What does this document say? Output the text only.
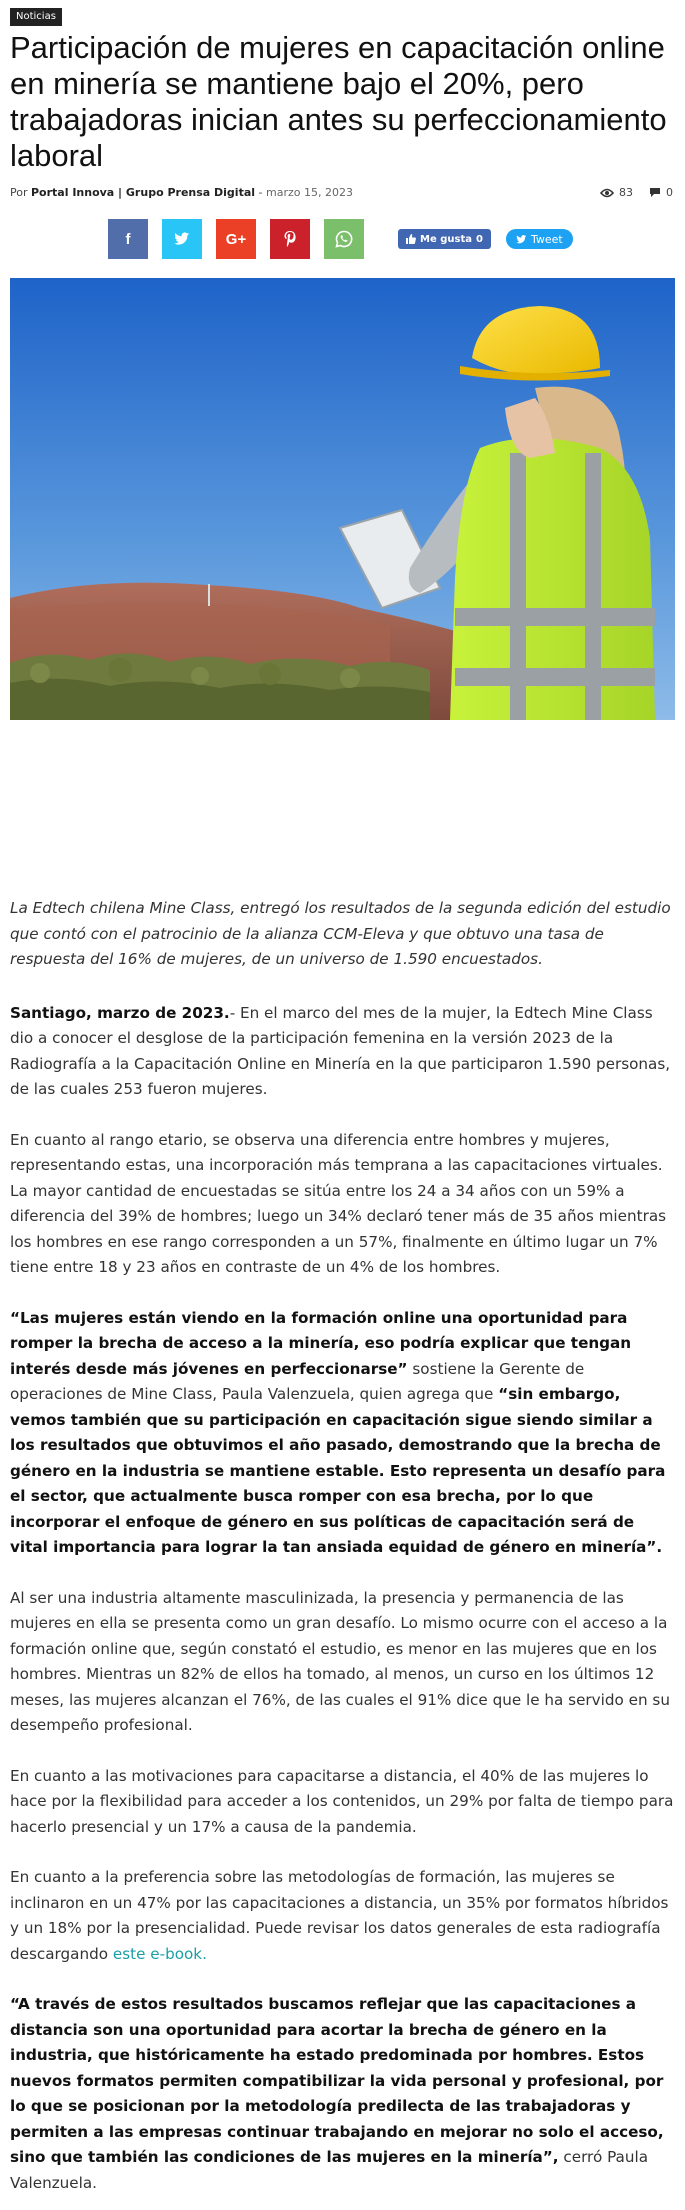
Noticias
Participación de mujeres en capacitación online en minería se mantiene bajo el 20%, pero trabajadoras inician antes su perfeccionamiento laboral
Por Portal Innova | Grupo Prensa Digital - marzo 15, 2023	83	0
f	G+	Me gusta 0	Tweet

La Edtech chilena Mine Class, entregó los resultados de la segunda edición del estudio que contó con el patrocinio de la alianza CCM-Eleva y que obtuvo una tasa de respuesta del 16% de mujeres, de un universo de 1.590 encuestados.

Santiago, marzo de 2023.- En el marco del mes de la mujer, la Edtech Mine Class dio a conocer el desglose de la participación femenina en la versión 2023 de la Radiografía a la Capacitación Online en Minería en la que participaron 1.590 personas, de las cuales 253 fueron mujeres.

En cuanto al rango etario, se observa una diferencia entre hombres y mujeres, representando estas, una incorporación más temprana a las capacitaciones virtuales. La mayor cantidad de encuestadas se sitúa entre los 24 a 34 años con un 59% a diferencia del 39% de hombres; luego un 34% declaró tener más de 35 años mientras los hombres en ese rango corresponden a un 57%, finalmente en último lugar un 7% tiene entre 18 y 23 años en contraste de un 4% de los hombres.

“Las mujeres están viendo en la formación online una oportunidad para romper la brecha de acceso a la minería, eso podría explicar que tengan interés desde más jóvenes en perfeccionarse” sostiene la Gerente de operaciones de Mine Class, Paula Valenzuela, quien agrega que “sin embargo, vemos también que su participación en capacitación sigue siendo similar a los resultados que obtuvimos el año pasado, demostrando que la brecha de género en la industria se mantiene estable. Esto representa un desafío para el sector, que actualmente busca romper con esa brecha, por lo que incorporar el enfoque de género en sus políticas de capacitación será de vital importancia para lograr la tan ansiada equidad de género en minería”.

Al ser una industria altamente masculinizada, la presencia y permanencia de las mujeres en ella se presenta como un gran desafío. Lo mismo ocurre con el acceso a la formación online que, según constató el estudio, es menor en las mujeres que en los hombres. Mientras un 82% de ellos ha tomado, al menos, un curso en los últimos 12 meses, las mujeres alcanzan el 76%, de las cuales el 91% dice que le ha servido en su desempeño profesional.

En cuanto a las motivaciones para capacitarse a distancia, el 40% de las mujeres lo hace por la flexibilidad para acceder a los contenidos, un 29% por falta de tiempo para hacerlo presencial y un 17% a causa de la pandemia.

En cuanto a la preferencia sobre las metodologías de formación, las mujeres se inclinaron en un 47% por las capacitaciones a distancia, un 35% por formatos híbridos y un 18% por la presencialidad. Puede revisar los datos generales de esta radiografía descargando este e-book.

“A través de estos resultados buscamos reflejar que las capacitaciones a distancia son una oportunidad para acortar la brecha de género en la industria, que históricamente ha estado predominada por hombres. Estos nuevos formatos permiten compatibilizar la vida personal y profesional, por lo que se posicionan por la metodología predilecta de las trabajadoras y permiten a las empresas continuar trabajando en mejorar no solo el acceso, sino que también las condiciones de las mujeres en la minería”, cerró Paula Valenzuela.
